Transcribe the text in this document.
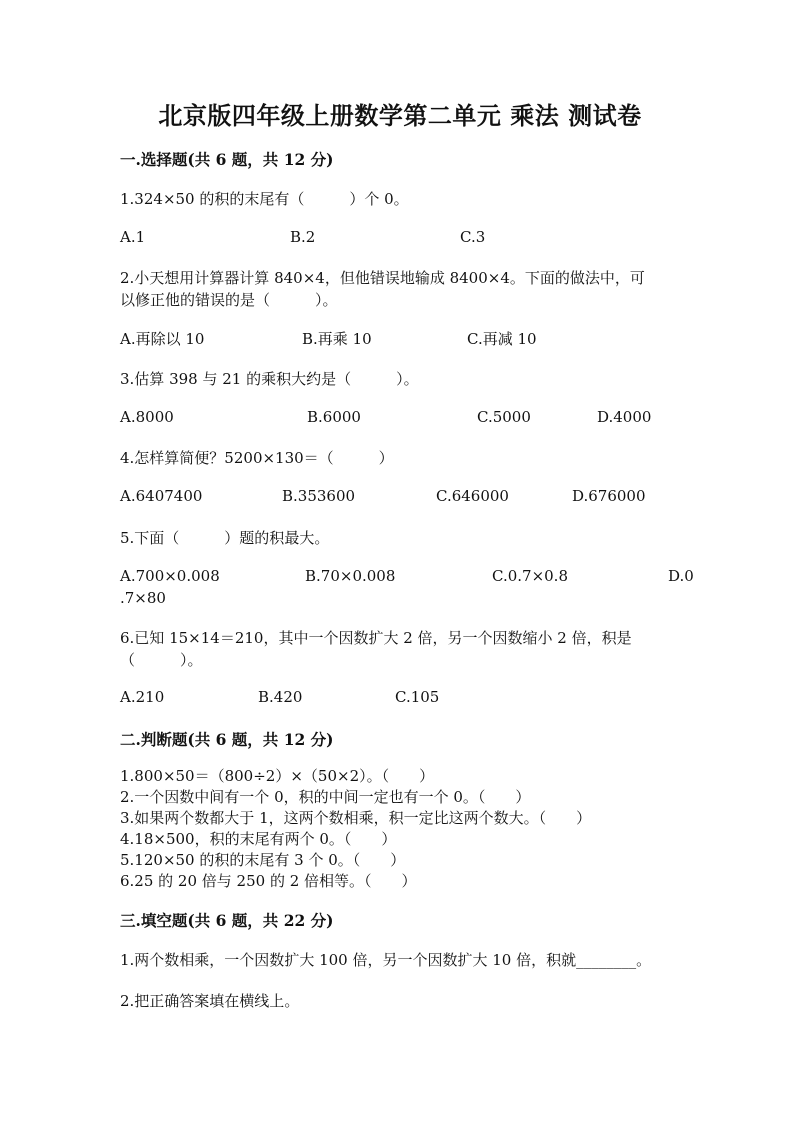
北京版四年级上册数学第二单元 乘法 测试卷
一.选择题(共 6 题，共 12 分)
1.324×50 的积的末尾有（　　　）个 0。
A.1	B.2	C.3
2.小天想用计算器计算 840×4，但他错误地输成 8400×4。下面的做法中，可
以修正他的错误的是（　　　）。
A.再除以 10	B.再乘 10	C.再减 10
3.估算 398 与 21 的乘积大约是（　　　）。
A.8000	B.6000	C.5000	D.4000
4.怎样算简便？5200×130＝（　　　）
A.6407400	B.353600	C.646000	D.676000
5.下面（　　　）题的积最大。
A.700×0.008	B.70×0.008	C.0.7×0.8	D.0
.7×80
6.已知 15×14＝210，其中一个因数扩大 2 倍，另一个因数缩小 2 倍，积是
（　　　）。
A.210	B.420	C.105
二.判断题(共 6 题，共 12 分)
1.800×50＝（800÷2）×（50×2）。（　　）
2.一个因数中间有一个 0，积的中间一定也有一个 0。（　　）
3.如果两个数都大于 1，这两个数相乘，积一定比这两个数大。（　　）
4.18×500，积的末尾有两个 0。（　　）
5.120×50 的积的末尾有 3 个 0。（　　）
6.25 的 20 倍与 250 的 2 倍相等。（　　）
三.填空题(共 6 题，共 22 分)
1.两个数相乘，一个因数扩大 100 倍，另一个因数扩大 10 倍，积就________。
2.把正确答案填在横线上。
